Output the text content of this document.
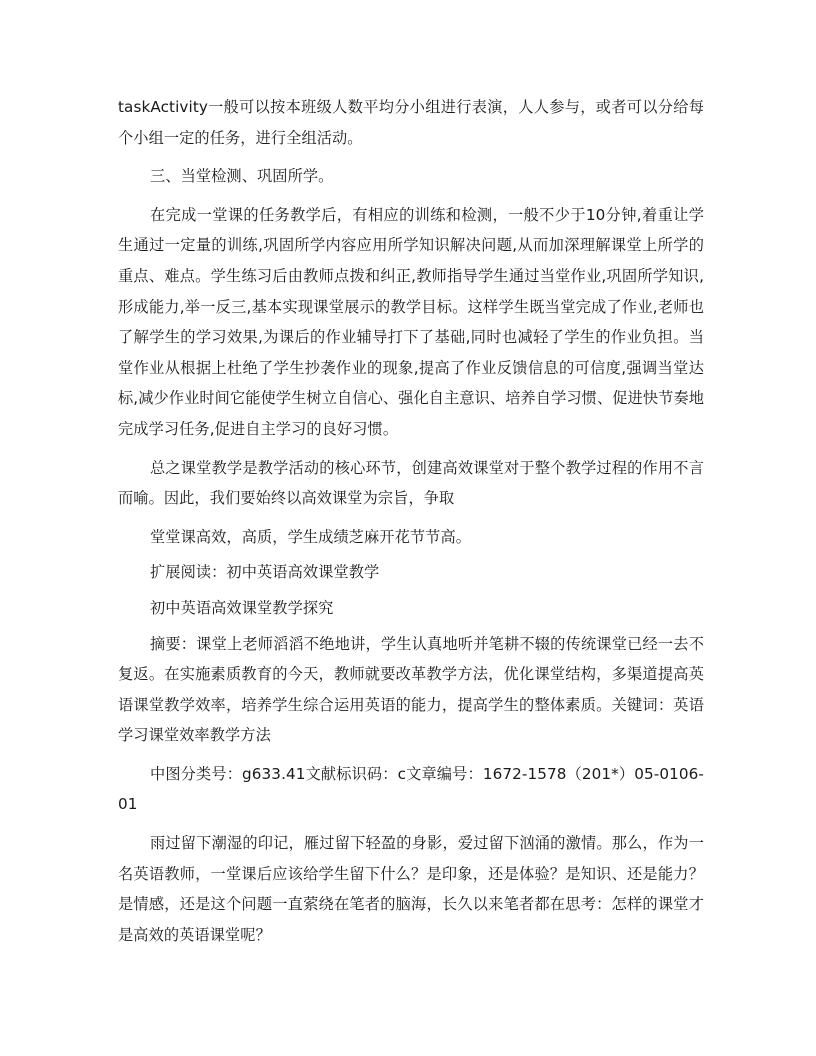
taskActivity一般可以按本班级人数平均分小组进行表演，人人参与，或者可以分给每个小组一定的任务，进行全组活动。

三、当堂检测、巩固所学。

在完成一堂课的任务教学后，有相应的训练和检测，一般不少于10分钟,着重让学生通过一定量的训练,巩固所学内容应用所学知识解决问题,从而加深理解课堂上所学的重点、难点。学生练习后由教师点拨和纠正,教师指导学生通过当堂作业,巩固所学知识,形成能力,举一反三,基本实现课堂展示的教学目标。这样学生既当堂完成了作业,老师也了解学生的学习效果,为课后的作业辅导打下了基础,同时也减轻了学生的作业负担。当堂作业从根据上杜绝了学生抄袭作业的现象,提高了作业反馈信息的可信度,强调当堂达标,减少作业时间它能使学生树立自信心、强化自主意识、培养自学习惯、促进快节奏地完成学习任务,促进自主学习的良好习惯。

总之课堂教学是教学活动的核心环节，创建高效课堂对于整个教学过程的作用不言而喻。因此，我们要始终以高效课堂为宗旨，争取

堂堂课高效，高质，学生成绩芝麻开花节节高。

扩展阅读：初中英语高效课堂教学

初中英语高效课堂教学探究

摘要：课堂上老师滔滔不绝地讲，学生认真地听并笔耕不辍的传统课堂已经一去不复返。在实施素质教育的今天，教师就要改革教学方法，优化课堂结构，多渠道提高英语课堂教学效率，培养学生综合运用英语的能力，提高学生的整体素质。关键词：英语学习课堂效率教学方法

中图分类号：g633.41文献标识码：c文章编号：1672-1578（201*）05-0106-01

雨过留下潮湿的印记，雁过留下轻盈的身影，爱过留下汹涌的激情。那么，作为一名英语教师，一堂课后应该给学生留下什么？是印象，还是体验？是知识、还是能力？是情感，还是这个问题一直萦绕在笔者的脑海，长久以来笔者都在思考：怎样的课堂才是高效的英语课堂呢？
